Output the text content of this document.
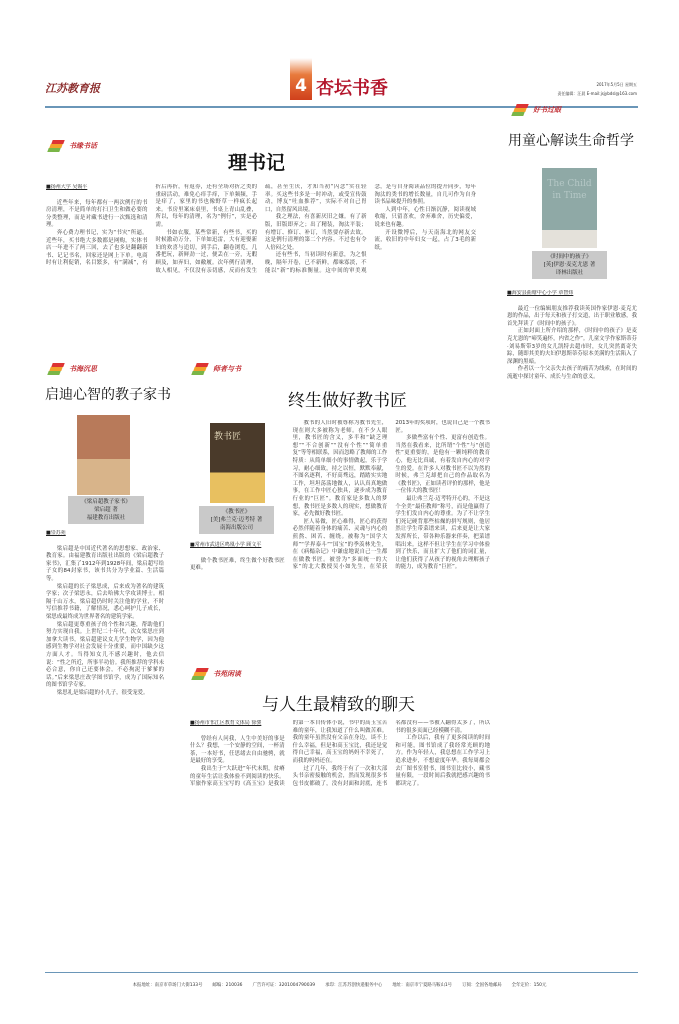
江苏教育报	4 杏坛书香	2017年5月5日 星期五
责任编辑：汪晨 E-mail:jsjybdsl@163.com
书缘书话
理书记
■扬州大学 吴锡平

近些年来，每年都有一两次例行的书房清理，不是简单的打扫卫生和做必要的分类整理，而是对藏书进行一次甄选和清理。

奔心费力理书记，实为“书灾”所逼。近些年，买书绝大多数都是网购，实体书店一年进不了两三回，去了也多是翻翻新书、记记书名，回家还是网上下单。电商时有让利促销，名目繁多，有“满减”，有折后再折，有返券，还有全场对折之类的重磅活动，难免心痒手痒，下单频频，手是痒了，家里的书也像野草一样疯长起来。书房里案床桌里，书桌上青山乱叠，所以，每年的清理，名为“例行”，实是必需。

书如衣服，某些常新，有些书，买的时候激动万分，下单如迅雷，大有迎娶新妇的欢喜与追切，到手后，翻卷浏览，几番把玩，新鲜劲一过，便丢在一旁，无暇顾及，如弃妇，如敝履。次年例行清理，故人相见，不仅没有亲切感，反而有发生疏，甚至生厌，才知当初“闪念”实在轻率。买这些书多是一时冲动，或受宣传鼓动，博友“吐血推荐”，实际不对自己胃口，自然留风出境。

我之理法，有喜新厌旧之嫌。有了新版，旧版即弃之；出了精装，淘汰平装；有增订、修订、补订，当然要存新去故。这是例行清理的第二个内容。不过也有令人倍闷之处。

还有些书，当初读时有新意，为之恨晚，隔年开卷，已不新鲜，都味寡淡，不能以“新”的标准衡量。这中间的审美观念，是与自身阅读品位的提升同步，每年淘汰的类书的增长数量，自几可作为自身读书品味提升的参照。

人到中年，心性日渐沉静，阅读视域收缩，只留喜欢，舍弃难舍，历史偏爱，说来也有趣。

开设微博后，与天南海北的网友交流，收旧的中年妇女一起，占了3毛的新纸。

好书过眼
用童心解读生命哲学
The Child in Time
《时间中的孩子》
[英]伊恩·麦克尤恩 著
译林出版社
■海安县曲塘中心小学 章智炜

最近一位编辑朋友推荐我读英国作家伊恩·麦克尤恩的作品，出于每天和孩子打交道，出于职业敏感，我首先拜读了《时间中的孩子》。

正如封面上所介绍的那样，《时间中的孩子》是麦克尤恩的“啼笑遍怀，内省之作”。儿童文学作家斯蒂芬·刘易斯带3岁的女儿凯特去超市时，女儿突然离奇失踪，随即其美的夫妇伊恩斯蒂芬原本美满的生活陷入了深渊的黑暗。

作者以一个父亲失去孩子的痛苦为线索，在时间的流逝中探讨童年、成长与生命的意义。

书海沉思
启迪心智的教子家书
《梁启超教子家书》
梁启超 著
福建教育出版社
■崇苏苑

梁启超是中国近代著名的思想家、政治家、教育家。由福建教育出版社出版的《梁启超教子家书》，汇集了1912年到1928年间，梁启超写给子女的84封家书，该书共分为学业篇、生活篇等。

梁启超的长子梁思成，后来成为著名的建筑学家；次子梁思永，后去哈佛大学攻读博士。相隔千山万水，梁启超仍时时关注他的学业，不时写信推荐书籍，了解情况，悉心呵护儿子成长，梁思成最终成为世界著名的建筑学家。

梁启超更尊重孩子的个性和兴趣，帮助他们努力实现自我。上世纪二十年代，次女梁思庄到加拿大读书，梁启超建议女儿学生物学，因为他感到生物学对社会发展十分重要，而中国缺少这方面人才。当得知女儿不感兴趣时，他去信说：“性之所近，所事半功倍。我所推荐的学科未必合意，你自己还要体会，不必拘泥于爹爹的话。”后来梁思庄改学图书馆学，成为了国际知名的图书馆学专家。

梁思礼是梁启超的小儿子，很受宠爱。

师者与书
终生做好教书匠
教书匠
《教书匠》
[美]弗兰克·迈考特 著
南海出版公司
■常州市武进区鸣凰小学 顾文平

做个教书匠难，终生做个好教书匠更难。

教书的人旧时被尊称为教书先生，现在则大多被称为老师。在不少人眼里，教书匠的含义，多半和“缺乏理想”“不合创新”“没有个性”“简单重复”等等相联系，因而忽略了教师的工作特质：从简单细小的事情做起，乐于学习，耐心细致，持之以恒，默默奉献，不图名逐利，不好高骛远，踏踏实实地工作，坦坦荡荡地做人，认认真真地做事，在工作中匠心独具，逐步成为教育行业的“巨匠”。教育家是多数人的梦想，教书匠是多数人的现实，想做教育家，必先做好教书匠。

匠人易做，匠心难得，匠心的获得必然伴随着身体的痛苦、灵魂与内心的煎熬、困苦、缠绕。被称为“国学大师”“学界泰斗”“国宝”的季羡林先生，在《病榻杂记》中谦虚地说自己一生都在做教书匠。被誉为“多面统一的大家”的北大教授吴小如先生，在荣获2013年的奖项时，也说自己是一个教书匠。

多做些富有个性、更富有创造性。当然在我看来，比所谓“个性”与“创造性”更重要的，是他有一颗纯粹的教育心，他无比真诚，有着发自内心的对学生的爱。在许多人对教书匠不以为然的时候，弗兰克却把自己的作品取名为《教书匠》，正如读者评价的那样，他是一位伟大的教书匠！

最让弗兰克·迈考特开心的，不是这个全美“最佳教师”称号，而是他赢得了学生们发自内心的尊重。为了不让学生们死记硬背那些枯燥的拼写规则，他居然让学生带菜谱来读，后来更是让大家发挥所长，带各种乐器来伴奏，把菜谱唱出来。这样不但让学生在学习中体验到了快乐，而且扩大了他们的词汇量，让他们获得了从孩子的视角去理解孩子的能力，成为教育“巨匠”。

书苑闲谈
与人生最精致的聊天
■扬州市邗江区教育文体局 徐骏

曾经有人问我，人生中美好的事是什么？我想，一个安静的空间，一杯清茶，一本好书，任思绪去自由驰骋，就是最好的享受。

我出生于“大跃进”年代末期，贫瘠的童年生活让我体验不到阅读的快乐。军旅作家高玉宝写的《高玉宝》是我读的第一本自传体小说，书中的高玉宝苦难的童年，让我知道了什么叫做苦难。我的童年虽然没有父亲在身边，谈不上什么幸福，但是和高玉宝比，我还是觉得自己幸福，高玉宝的妈妈不幸死了，而我的妈妈还在。

过了几年，我终于有了一次和大部头书亲密接触的机会，然而发现很多书包书皮都破了，没有封面和封底，连书名都没有——书被人翻得太多了，所以书的很多页面已经模糊不清。

工作以后，我有了更多阅读的时间和可能，图书馆成了我经常光顾的地方。作为年轻人，我总想在工作学习上追求进步，不想虚度年华。我每周都会去厂图书室借书，图书室比较小，藏书量有限，一段时间后我就把感兴趣的书都读完了。

本报地址：南京市草场门大街133号 邮编：210036 广告许可证：3201004790039 承印：江苏苏创快递服务中心 地址：南京市宁夏路马鞍山1号 订阅：全国各地邮局 全年定价：150元
